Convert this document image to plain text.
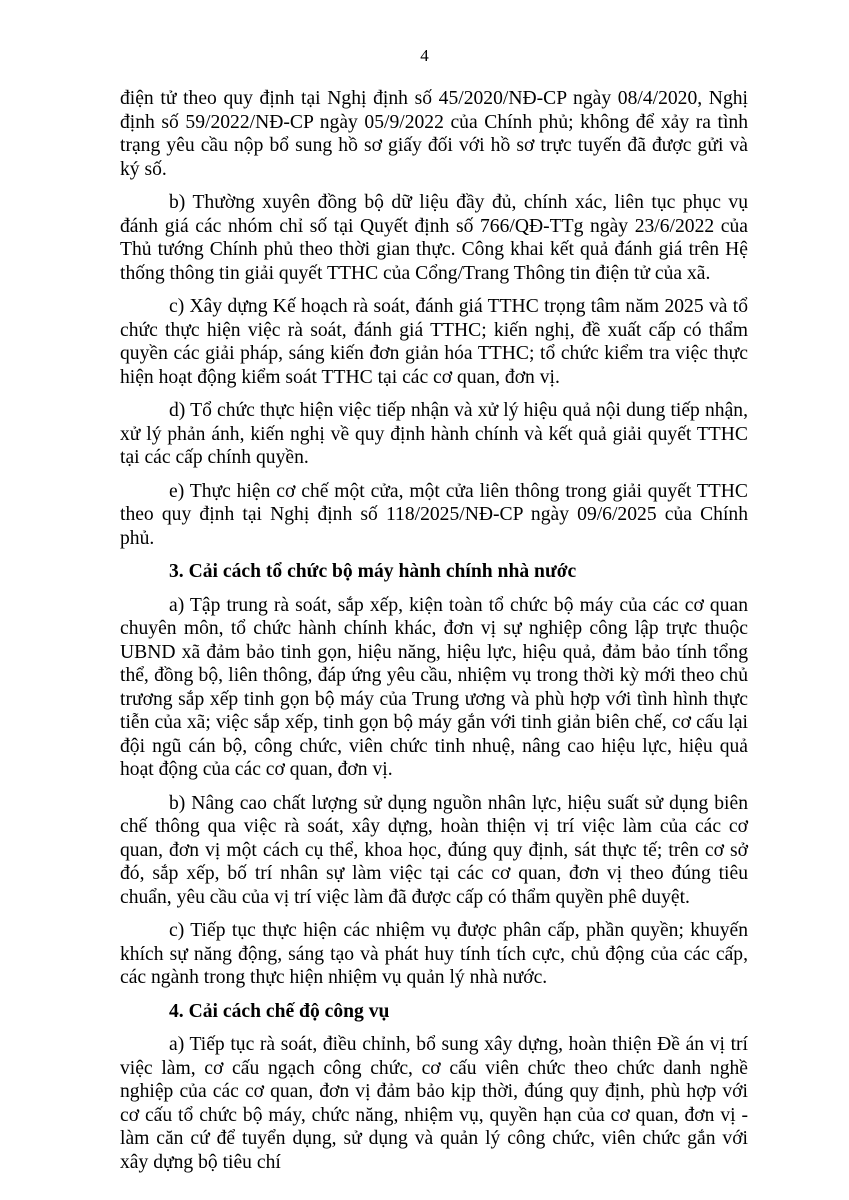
4

điện tử theo quy định tại Nghị định số 45/2020/NĐ-CP ngày 08/4/2020, Nghị định số 59/2022/NĐ-CP ngày 05/9/2022 của Chính phủ; không để xảy ra tình trạng yêu cầu nộp bổ sung hồ sơ giấy đối với hồ sơ trực tuyến đã được gửi và ký số.

b) Thường xuyên đồng bộ dữ liệu đầy đủ, chính xác, liên tục phục vụ đánh giá các nhóm chỉ số tại Quyết định số 766/QĐ-TTg ngày 23/6/2022 của Thủ tướng Chính phủ theo thời gian thực. Công khai kết quả đánh giá trên Hệ thống thông tin giải quyết TTHC của Cổng/Trang Thông tin điện tử của xã.

c) Xây dựng Kế hoạch rà soát, đánh giá TTHC trọng tâm năm 2025 và tổ chức thực hiện việc rà soát, đánh giá TTHC; kiến nghị, đề xuất cấp có thẩm quyền các giải pháp, sáng kiến đơn giản hóa TTHC; tổ chức kiểm tra việc thực hiện hoạt động kiểm soát TTHC tại các cơ quan, đơn vị.

d) Tổ chức thực hiện việc tiếp nhận và xử lý hiệu quả nội dung tiếp nhận, xử lý phản ánh, kiến nghị về quy định hành chính và kết quả giải quyết TTHC tại các cấp chính quyền.

e) Thực hiện cơ chế một cửa, một cửa liên thông trong giải quyết TTHC theo quy định tại Nghị định số 118/2025/NĐ-CP ngày 09/6/2025 của Chính phủ.

3. Cải cách tổ chức bộ máy hành chính nhà nước

a) Tập trung rà soát, sắp xếp, kiện toàn tổ chức bộ máy của các cơ quan chuyên môn, tổ chức hành chính khác, đơn vị sự nghiệp công lập trực thuộc UBND xã đảm bảo tinh gọn, hiệu năng, hiệu lực, hiệu quả, đảm bảo tính tổng thể, đồng bộ, liên thông, đáp ứng yêu cầu, nhiệm vụ trong thời kỳ mới theo chủ trương sắp xếp tinh gọn bộ máy của Trung ương và phù hợp với tình hình thực tiễn của xã; việc sắp xếp, tinh gọn bộ máy gắn với tinh giản biên chế, cơ cấu lại đội ngũ cán bộ, công chức, viên chức tinh nhuệ, nâng cao hiệu lực, hiệu quả hoạt động của các cơ quan, đơn vị.

b) Nâng cao chất lượng sử dụng nguồn nhân lực, hiệu suất sử dụng biên chế thông qua việc rà soát, xây dựng, hoàn thiện vị trí việc làm của các cơ quan, đơn vị một cách cụ thể, khoa học, đúng quy định, sát thực tế; trên cơ sở đó, sắp xếp, bố trí nhân sự làm việc tại các cơ quan, đơn vị theo đúng tiêu chuẩn, yêu cầu của vị trí việc làm đã được cấp có thẩm quyền phê duyệt.

c) Tiếp tục thực hiện các nhiệm vụ được phân cấp, phần quyền; khuyến khích sự năng động, sáng tạo và phát huy tính tích cực, chủ động của các cấp, các ngành trong thực hiện nhiệm vụ quản lý nhà nước.

4. Cải cách chế độ công vụ

a) Tiếp tục rà soát, điều chỉnh, bổ sung xây dựng, hoàn thiện Đề án vị trí việc làm, cơ cấu ngạch công chức, cơ cấu viên chức theo chức danh nghề nghiệp của các cơ quan, đơn vị đảm bảo kịp thời, đúng quy định, phù hợp với cơ cấu tổ chức bộ máy, chức năng, nhiệm vụ, quyền hạn của cơ quan, đơn vị - làm căn cứ để tuyển dụng, sử dụng và quản lý công chức, viên chức gắn với xây dựng bộ tiêu chí
